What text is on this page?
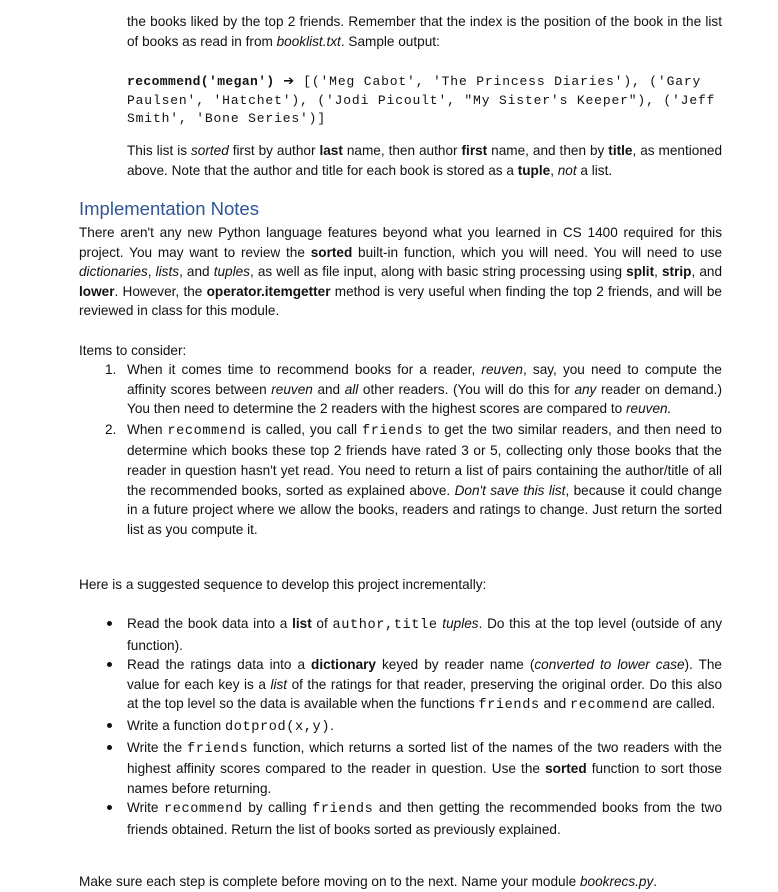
the books liked by the top 2 friends. Remember that the index is the position of the book in the list of books as read in from booklist.txt. Sample output:

recommend('megan') ➔ [('Meg Cabot', 'The Princess Diaries'), ('Gary Paulsen', 'Hatchet'), ('Jodi Picoult', "My Sister's Keeper"), ('Jeff Smith', 'Bone Series')]

This list is sorted first by author last name, then author first name, and then by title, as mentioned above. Note that the author and title for each book is stored as a tuple, not a list.

Implementation Notes

There aren't any new Python language features beyond what you learned in CS 1400 required for this project. You may want to review the sorted built-in function, which you will need. You will need to use dictionaries, lists, and tuples, as well as file input, along with basic string processing using split, strip, and lower. However, the operator.itemgetter method is very useful when finding the top 2 friends, and will be reviewed in class for this module.

Items to consider:

1. When it comes time to recommend books for a reader, reuven, say, you need to compute the affinity scores between reuven and all other readers. (You will do this for any reader on demand.) You then need to determine the 2 readers with the highest scores are compared to reuven.
2. When recommend is called, you call friends to get the two similar readers, and then need to determine which books these top 2 friends have rated 3 or 5, collecting only those books that the reader in question hasn't yet read. You need to return a list of pairs containing the author/title of all the recommended books, sorted as explained above. Don't save this list, because it could change in a future project where we allow the books, readers and ratings to change. Just return the sorted list as you compute it.

Here is a suggested sequence to develop this project incrementally:

Read the book data into a list of author,title tuples. Do this at the top level (outside of any function).
Read the ratings data into a dictionary keyed by reader name (converted to lower case). The value for each key is a list of the ratings for that reader, preserving the original order. Do this also at the top level so the data is available when the functions friends and recommend are called.
Write a function dotprod(x,y).
Write the friends function, which returns a sorted list of the names of the two readers with the highest affinity scores compared to the reader in question. Use the sorted function to sort those names before returning.
Write recommend by calling friends and then getting the recommended books from the two friends obtained. Return the list of books sorted as previously explained.

Make sure each step is complete before moving on to the next. Name your module bookrecs.py.
